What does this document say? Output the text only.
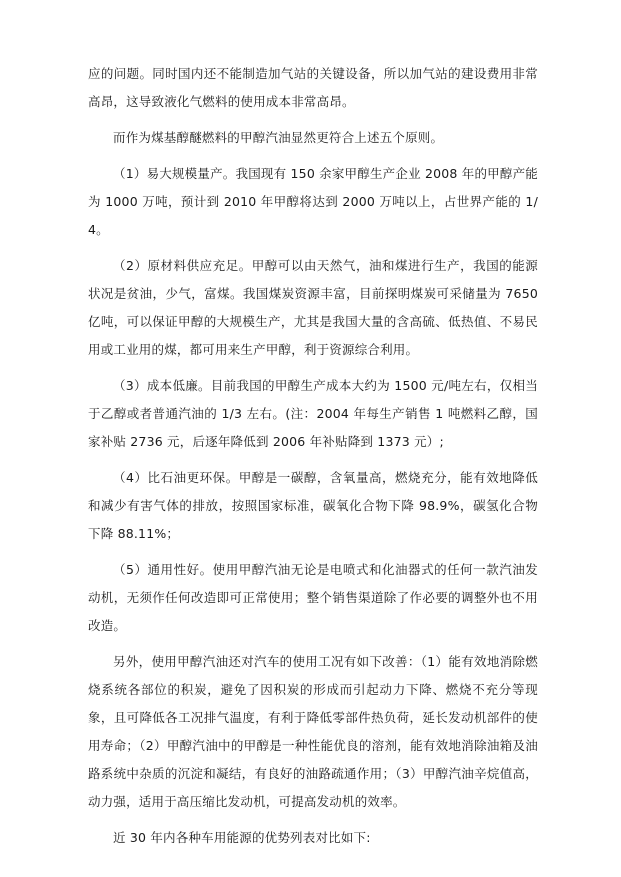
应的问题。同时国内还不能制造加气站的关键设备，所以加气站的建设费用非常高昂，这导致液化气燃料的使用成本非常高昂。

而作为煤基醇醚燃料的甲醇汽油显然更符合上述五个原则。

（1）易大规模量产。我国现有 150 余家甲醇生产企业 2008 年的甲醇产能为 1000 万吨，预计到 2010 年甲醇将达到 2000 万吨以上，占世界产能的 1/4。

（2）原材料供应充足。甲醇可以由天然气，油和煤进行生产，我国的能源状况是贫油，少气，富煤。我国煤炭资源丰富，目前探明煤炭可采储量为 7650 亿吨，可以保证甲醇的大规模生产，尤其是我国大量的含高硫、低热值、不易民用或工业用的煤，都可用来生产甲醇，利于资源综合利用。

（3）成本低廉。目前我国的甲醇生产成本大约为 1500 元/吨左右，仅相当于乙醇或者普通汽油的 1/3 左右。(注：2004 年每生产销售 1 吨燃料乙醇，国家补贴 2736 元，后逐年降低到 2006 年补贴降到 1373 元）;

（4）比石油更环保。甲醇是一碳醇，含氧量高，燃烧充分，能有效地降低和减少有害气体的排放，按照国家标准，碳氧化合物下降 98.9%，碳氢化合物下降 88.11%；

（5）通用性好。使用甲醇汽油无论是电喷式和化油器式的任何一款汽油发动机，无须作任何改造即可正常使用；整个销售渠道除了作必要的调整外也不用改造。

另外，使用甲醇汽油还对汽车的使用工况有如下改善：（1）能有效地消除燃烧系统各部位的积炭，避免了因积炭的形成而引起动力下降、燃烧不充分等现象，且可降低各工况排气温度，有利于降低零部件热负荷，延长发动机部件的使用寿命；（2）甲醇汽油中的甲醇是一种性能优良的溶剂，能有效地消除油箱及油路系统中杂质的沉淀和凝结，有良好的油路疏通作用；（3）甲醇汽油辛烷值高，动力强，适用于高压缩比发动机，可提高发动机的效率。

近 30 年内各种车用能源的优势列表对比如下:
